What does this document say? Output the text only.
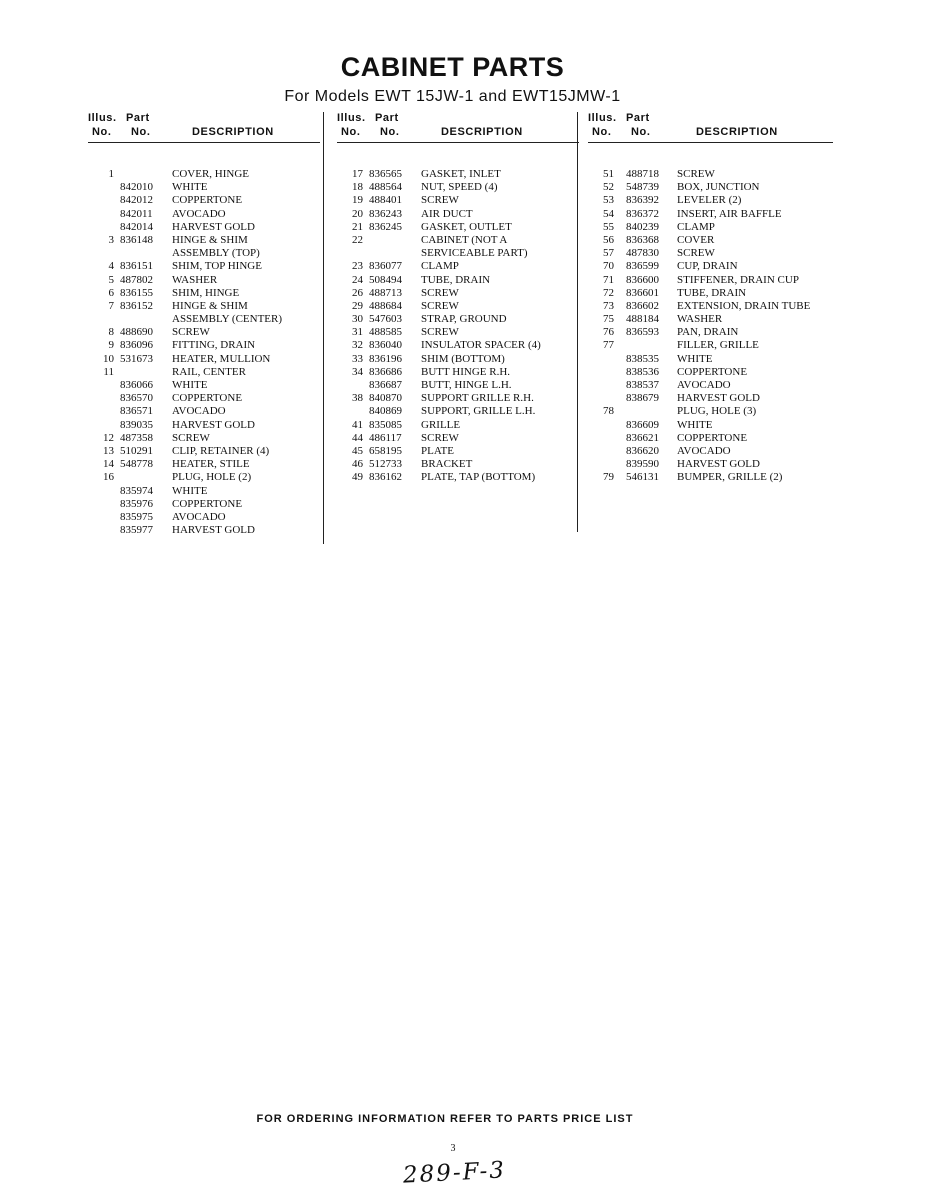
CABINET PARTS
For Models EWT 15JW-1 and EWT15JMW-1
Illus. Part
No. No.	DESCRIPTION
1	COVER, HINGE
842010 WHITE
842012 COPPERTONE
842011 AVOCADO
842014 HARVEST GOLD
3 836148 HINGE & SHIM
ASSEMBLY (TOP)
4 836151 SHIM, TOP HINGE
5 487802 WASHER
6 836155 SHIM, HINGE
7 836152 HINGE & SHIM
ASSEMBLY (CENTER)
8 488690 SCREW
9 836096 FITTING, DRAIN
10 531673 HEATER, MULLION
11	RAIL, CENTER
836066 WHITE
836570 COPPERTONE
836571 AVOCADO
839035 HARVEST GOLD
12 487358 SCREW
13 510291 CLIP, RETAINER (4)
14 548778 HEATER, STILE
16	PLUG, HOLE (2)
835974 WHITE
835976 COPPERTONE
835975 AVOCADO
835977 HARVEST GOLD
Illus. Part
No. No.	DESCRIPTION
17 836565 GASKET, INLET
18 488564 NUT, SPEED (4)
19 488401 SCREW
20 836243 AIR DUCT
21 836245 GASKET, OUTLET
22	CABINET (NOT A
SERVICEABLE PART)
23 836077 CLAMP
24 508494 TUBE, DRAIN
26 488713 SCREW
29 488684 SCREW
30 547603 STRAP, GROUND
31 488585 SCREW
32 836040 INSULATOR SPACER (4)
33 836196 SHIM (BOTTOM)
34 836686 BUTT HINGE R.H.
836687 BUTT, HINGE L.H.
38 840870 SUPPORT GRILLE R.H.
840869 SUPPORT, GRILLE L.H.
41 835085 GRILLE
44 486117 SCREW
45 658195 PLATE
46 512733 BRACKET
49 836162 PLATE, TAP (BOTTOM)
Illus. Part
No. No.	DESCRIPTION
51 488718 SCREW
52 548739 BOX, JUNCTION
53 836392 LEVELER (2)
54 836372 INSERT, AIR BAFFLE
55 840239 CLAMP
56 836368 COVER
57 487830 SCREW
70 836599 CUP, DRAIN
71 836600 STIFFENER, DRAIN CUP
72 836601 TUBE, DRAIN
73 836602 EXTENSION, DRAIN TUBE
75 488184 WASHER
76 836593 PAN, DRAIN
77	FILLER, GRILLE
838535 WHITE
838536 COPPERTONE
838537 AVOCADO
838679 HARVEST GOLD
78	PLUG, HOLE (3)
836609 WHITE
836621 COPPERTONE
836620 AVOCADO
839590 HARVEST GOLD
79 546131 BUMPER, GRILLE (2)
FOR ORDERING INFORMATION REFER TO PARTS PRICE LIST
3
289-F-3
